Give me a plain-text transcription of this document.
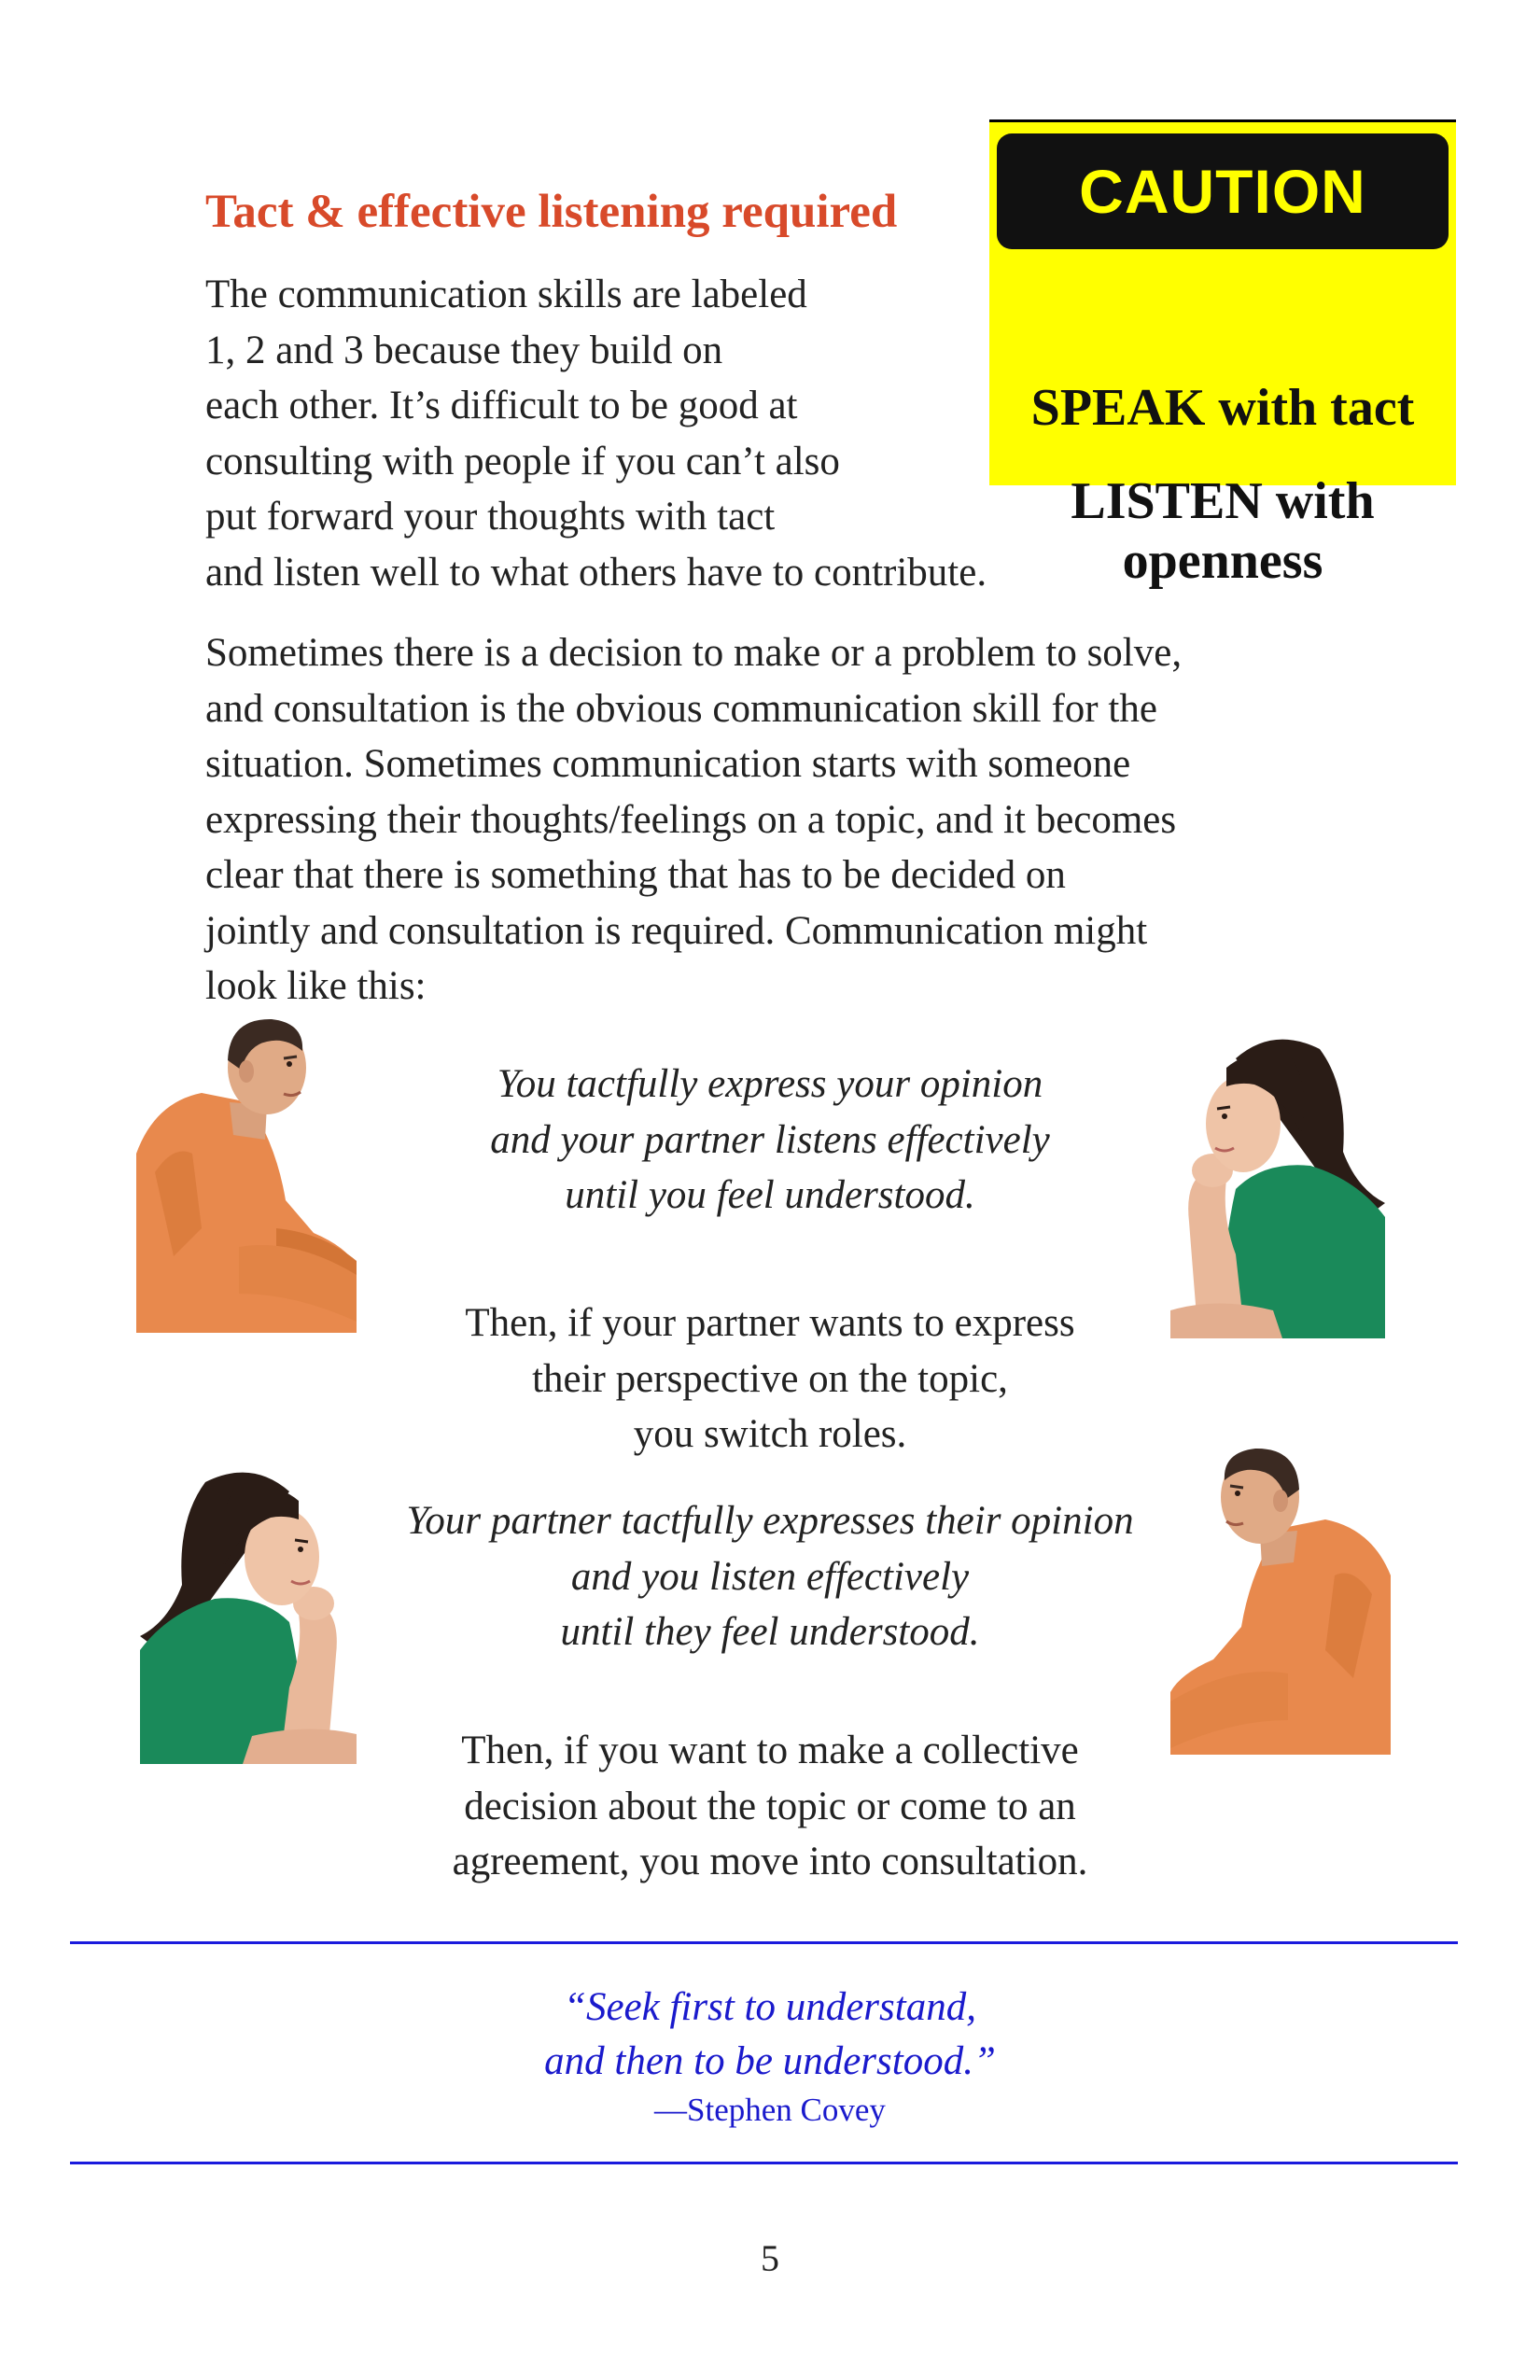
Tact & effective listening required
The communication skills are labeled
1, 2 and 3 because they build on
each other. It’s difficult to be good at
consulting with people if you can’t also
put forward your thoughts with tact
and listen well to what others have to contribute.
CAUTION
SPEAK with tact
LISTEN with
openness
Sometimes there is a decision to make or a problem to solve,
and consultation is the obvious communication skill for the
situation. Sometimes communication starts with someone
expressing their thoughts/feelings on a topic, and it becomes
clear that there is something that has to be decided on
jointly and consultation is required. Communication might
look like this:
You tactfully express your opinion
and your partner listens effectively
until you feel understood.
Then, if your partner wants to express
their perspective on the topic,
you switch roles.
Your partner tactfully expresses their opinion
and you listen effectively
until they feel understood.
Then, if you want to make a collective
decision about the topic or come to an
agreement, you move into consultation.
“Seek first to understand,
and then to be understood.”
—Stephen Covey
5
